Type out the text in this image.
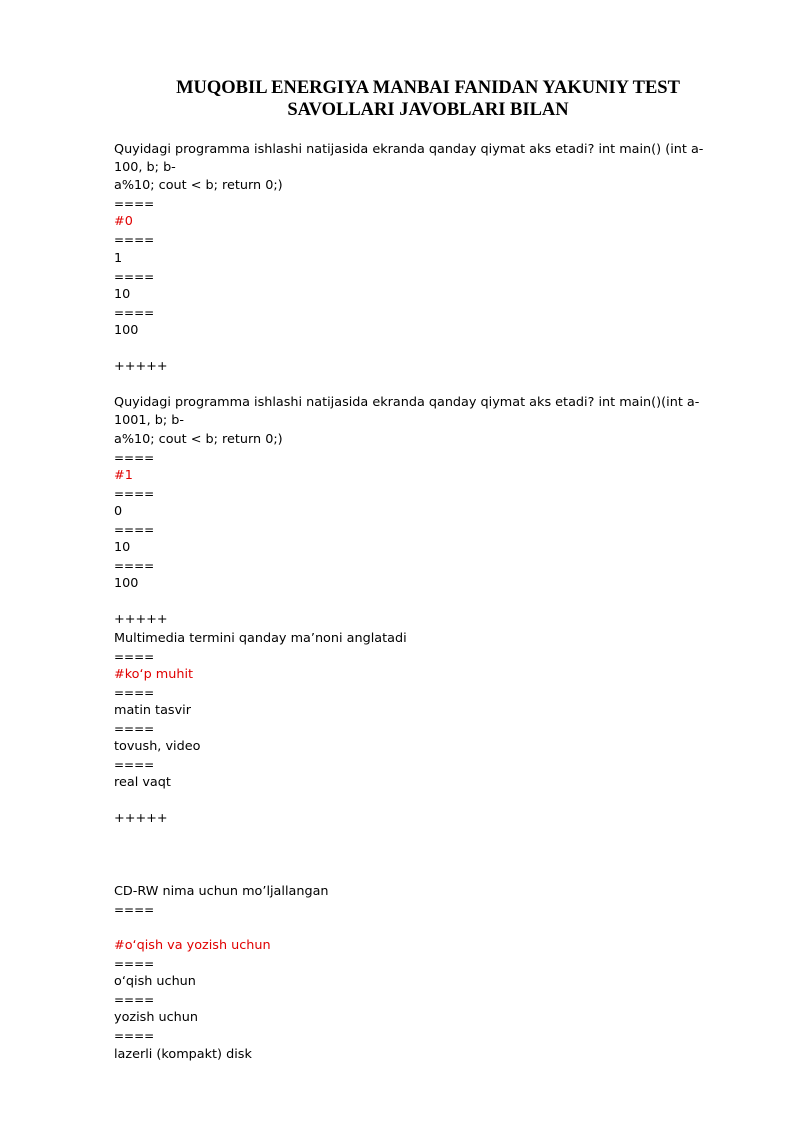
MUQOBIL ENERGIYA MANBAI FANIDAN YAKUNIY TEST
SAVOLLARI JAVOBLARI BILAN
Quyidagi programma ishlashi natijasida ekranda qanday qiymat aks etadi? int main() (int a-100, b; b-
a%10; cout < b; return 0;)
====
#0
====
1
====
10
====
100
+++++
Quyidagi programma ishlashi natijasida ekranda qanday qiymat aks etadi? int main()(int a-1001, b; b-
a%10; cout < b; return 0;)
====
#1
====
0
====
10
====
100
+++++
Multimedia termini qanday ma’noni anglatadi
====
#ko‘p muhit
====
matin tasvir
====
tovush, video
====
real vaqt
+++++
CD-RW nima uchun mo’ljallangan
====
#o‘qish va yozish uchun
====
o‘qish uchun
====
yozish uchun
====
lazerli (kompakt) disk
